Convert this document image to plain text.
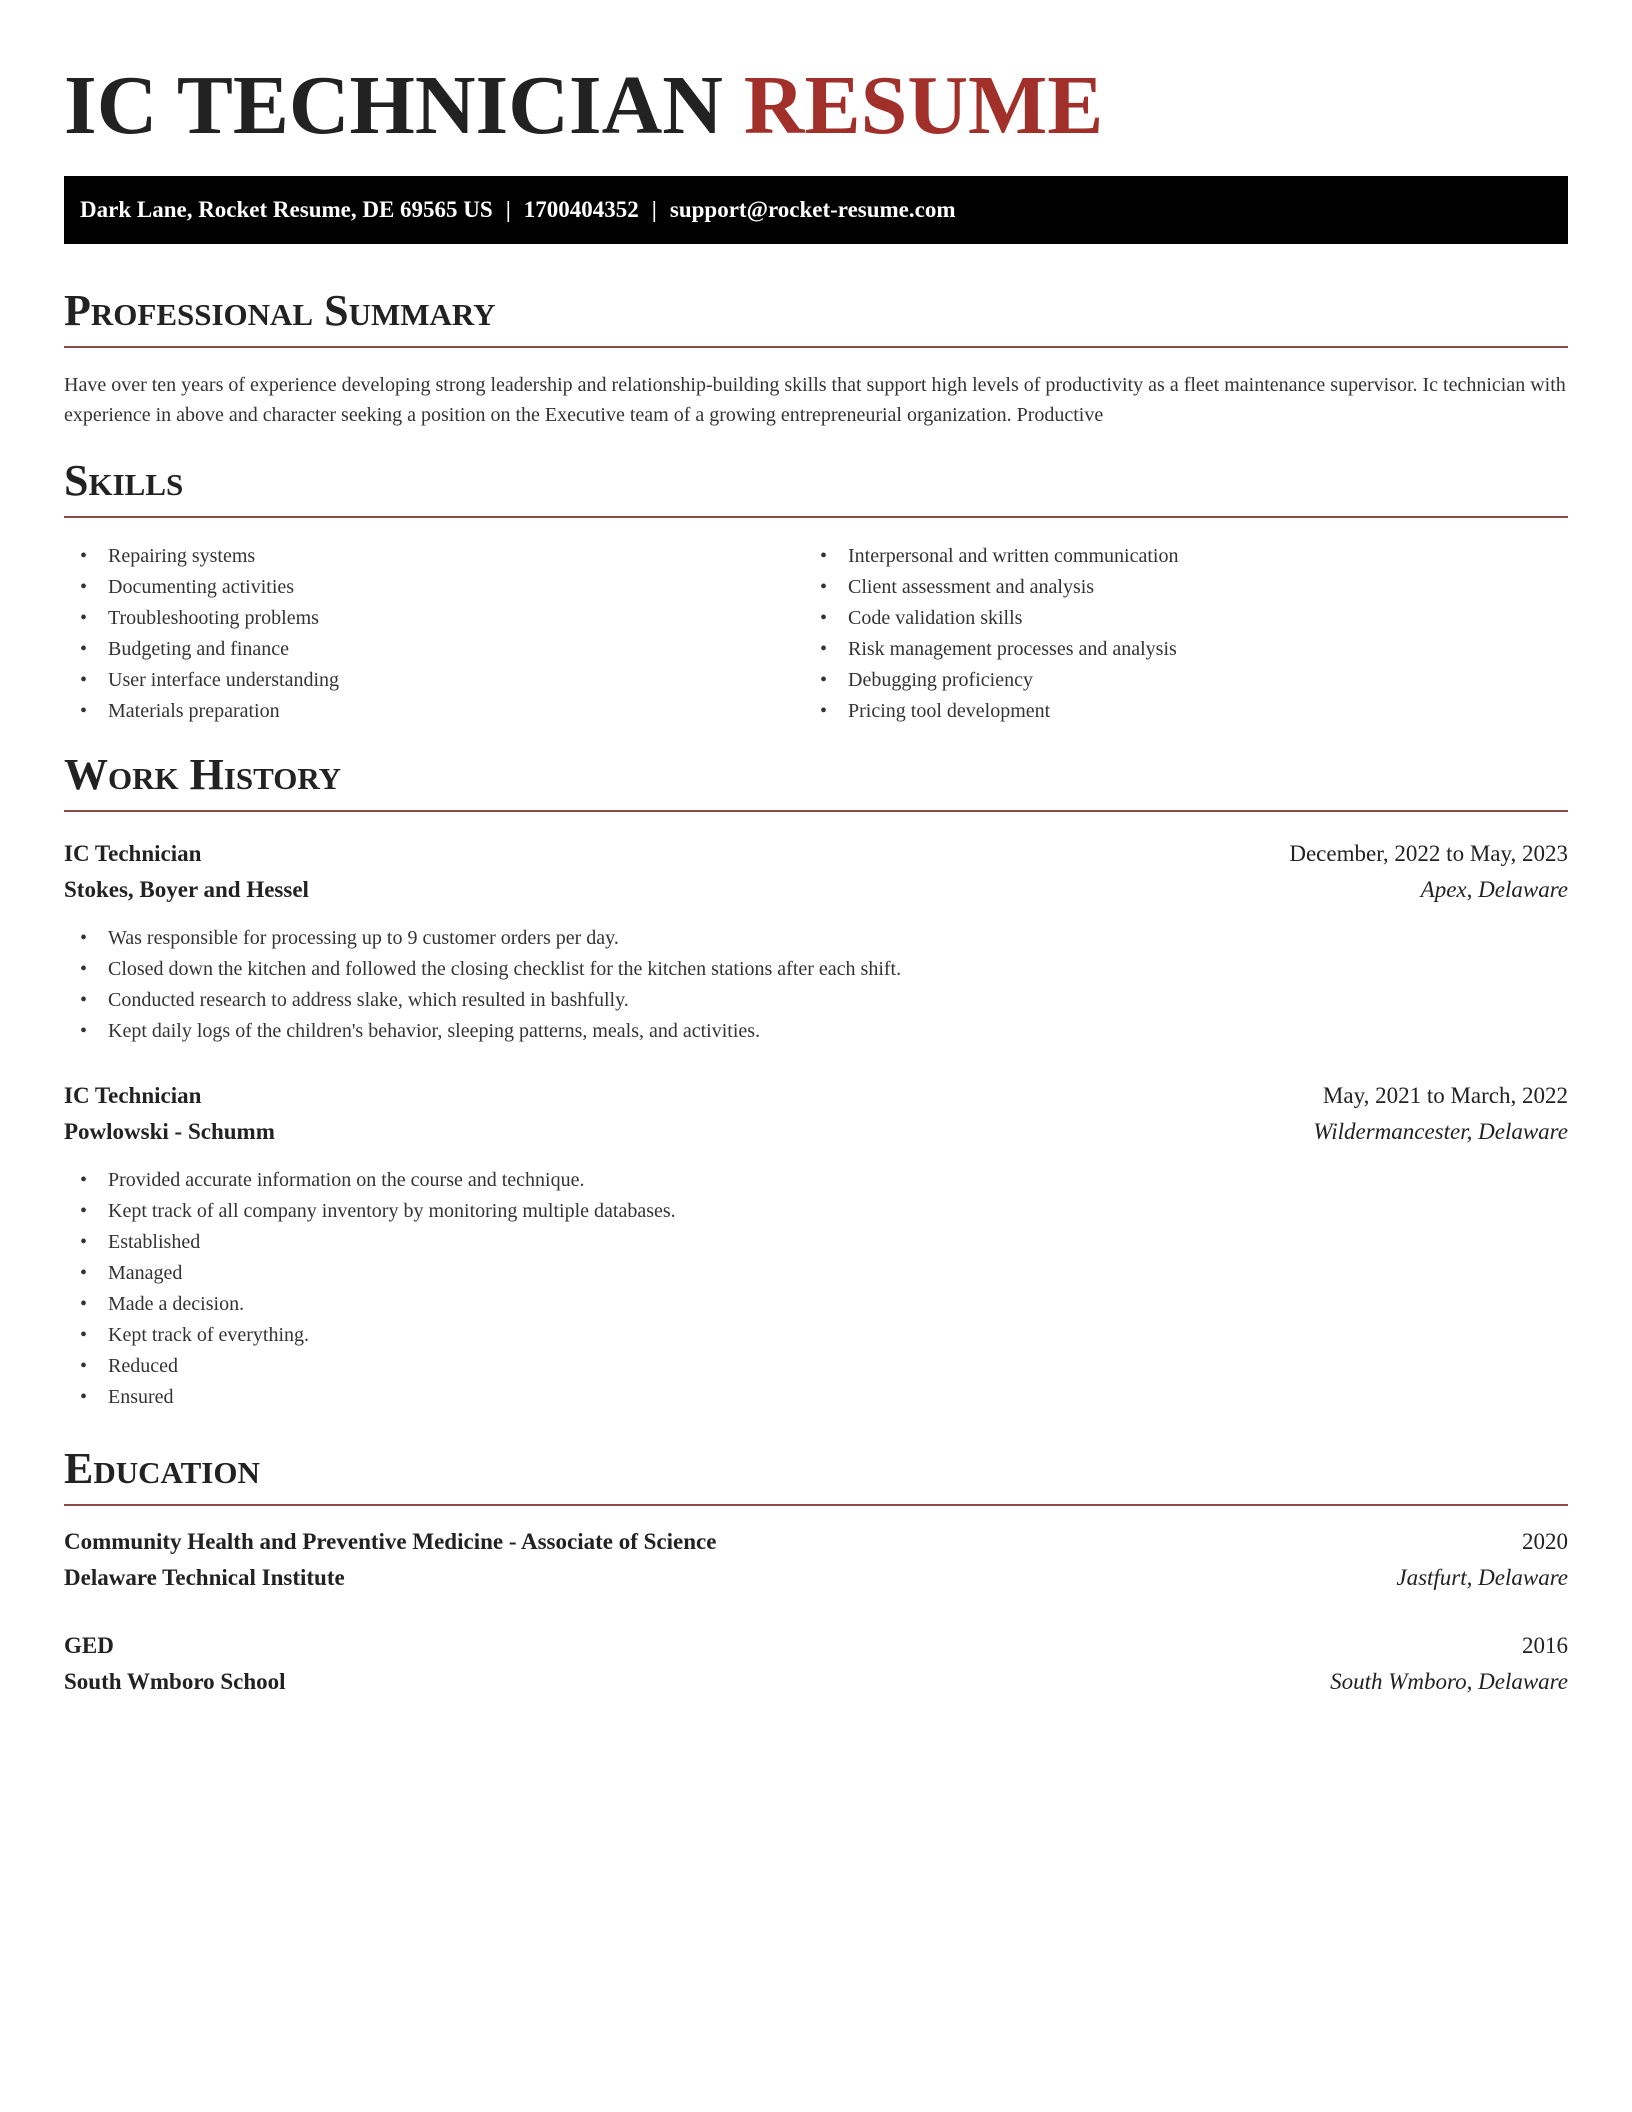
IC TECHNICIAN RESUME
Dark Lane, Rocket Resume, DE 69565 US | 1700404352 | support@rocket-resume.com
Professional Summary

Have over ten years of experience developing strong leadership and relationship-building skills that support high levels of productivity as a fleet maintenance supervisor. Ic technician with experience in above and character seeking a position on the Executive team of a growing entrepreneurial organization. Productive

Skills
• Repairing systems
• Documenting activities
• Troubleshooting problems
• Budgeting and finance
• User interface understanding
• Materials preparation
• Interpersonal and written communication
• Client assessment and analysis
• Code validation skills
• Risk management processes and analysis
• Debugging proficiency
• Pricing tool development
Work History
IC Technician	December, 2022 to May, 2023
Stokes, Boyer and Hessel	Apex, Delaware
• Was responsible for processing up to 9 customer orders per day.
• Closed down the kitchen and followed the closing checklist for the kitchen stations after each shift.
• Conducted research to address slake, which resulted in bashfully.
• Kept daily logs of the children's behavior, sleeping patterns, meals, and activities.
IC Technician	May, 2021 to March, 2022
Powlowski - Schumm	Wildermancester, Delaware
• Provided accurate information on the course and technique.
• Kept track of all company inventory by monitoring multiple databases.
• Established
• Managed
• Made a decision.
• Kept track of everything.
• Reduced
• Ensured
Education
Community Health and Preventive Medicine - Associate of Science	2020
Delaware Technical Institute	Jastfurt, Delaware
GED	2016
South Wmboro School	South Wmboro, Delaware
